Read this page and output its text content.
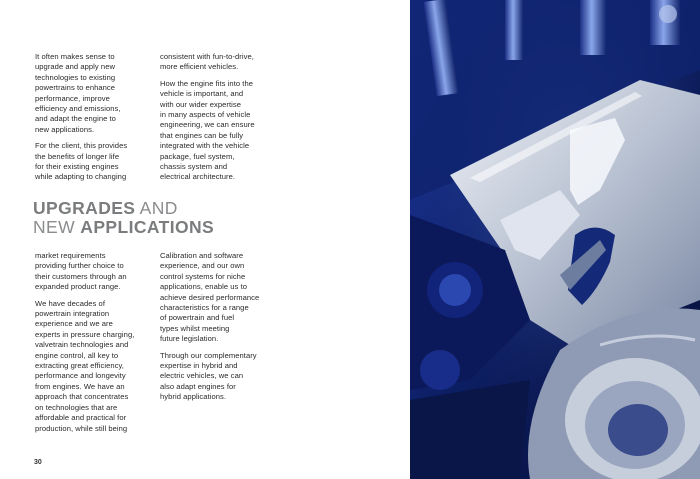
It often makes sense to
upgrade and apply new
technologies to existing
powertrains to enhance
performance, improve
efficiency and emissions,
and adapt the engine to
new applications.

For the client, this provides
the benefits of longer life
for their existing engines
while adapting to changing

consistent with fun-to-drive,
more efficient vehicles.

How the engine fits into the
vehicle is important, and
with our wider expertise
in many aspects of vehicle
engineering, we can ensure
that engines can be fully
integrated with the vehicle
package, fuel system,
chassis system and
electrical architecture.

UPGRADES AND
NEW APPLICATIONS

market requirements
providing further choice to
their customers through an
expanded product range.

We have decades of
powertrain integration
experience and we are
experts in pressure charging,
valvetrain technologies and
engine control, all key to
extracting great efficiency,
performance and longevity
from engines. We have an
approach that concentrates
on technologies that are
affordable and practical for
production, while still being

Calibration and software
experience, and our own
control systems for niche
applications, enable us to
achieve desired performance
characteristics for a range
of powertrain and fuel
types whilst meeting
future legislation.

Through our complementary
expertise in hybrid and
electric vehicles, we can
also adapt engines for
hybrid applications.

30
